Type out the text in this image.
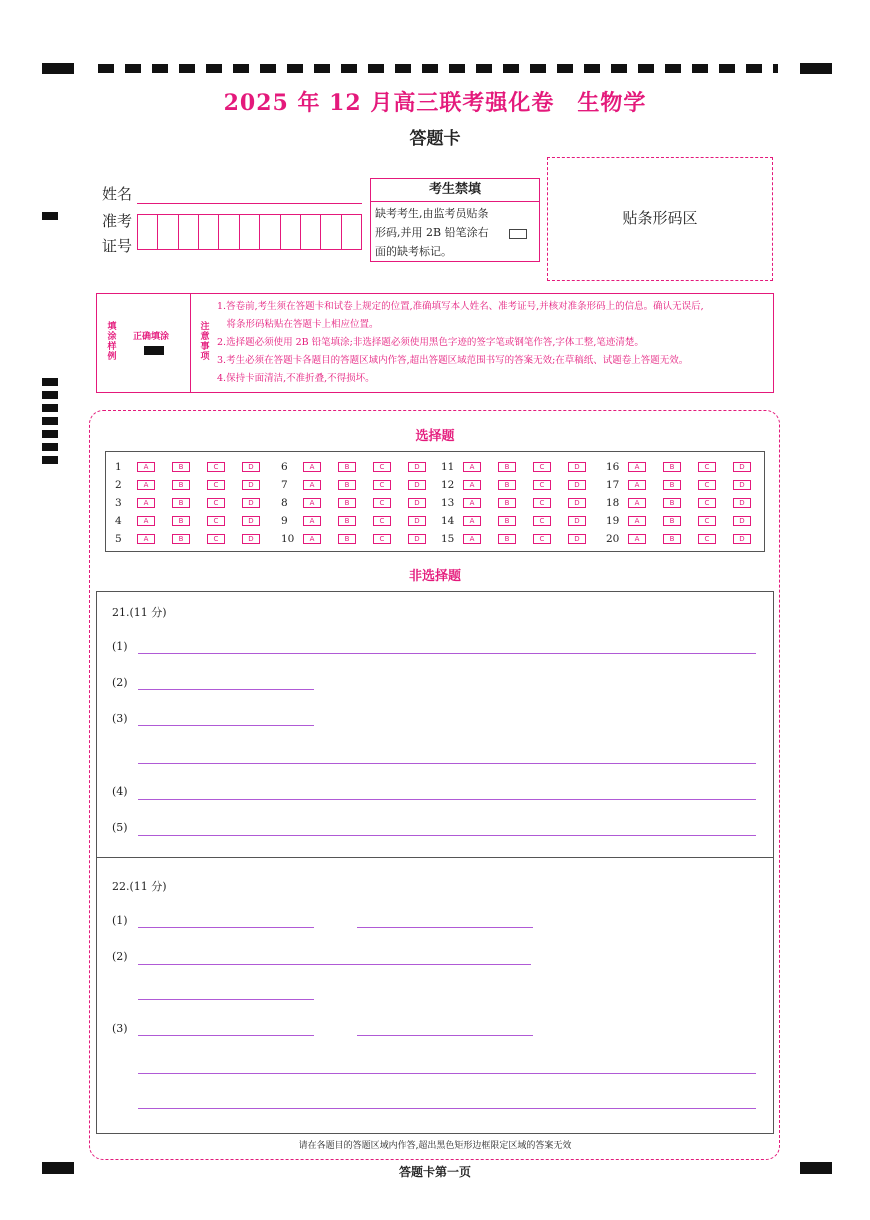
2025 年 12 月高三联考强化卷　生物学
答题卡
姓名
准考
证号
考生禁填
缺考考生,由监考员贴条形码,并用 2B 铅笔涂右面的缺考标记。
贴条形码区
填涂样例
正确填涂
注意事项
1.答卷前,考生须在答题卡和试卷上规定的位置,准确填写本人姓名、准考证号,并核对准条形码上的信息。确认无误后,
　将条形码粘贴在答题卡上相应位置。
2.选择题必须使用 2B 铅笔填涂;非选择题必须使用黑色字迹的签字笔或钢笔作答,字体工整,笔迹清楚。
3.考生必须在答题卡各题目的答题区域内作答,超出答题区域范围书写的答案无效;在草稿纸、试题卷上答题无效。
4.保持卡面清洁,不准折叠,不得损坏。
选择题
1	A	B	C	D
2	A	B	C	D
3	A	B	C	D
4	A	B	C	D
5	A	B	C	D
6	A	B	C	D
7	A	B	C	D
8	A	B	C	D
9	A	B	C	D
10	A	B	C	D
11	A	B	C	D
12	A	B	C	D
13	A	B	C	D
14	A	B	C	D
15	A	B	C	D
16	A	B	C	D
17	A	B	C	D
18	A	B	C	D
19	A	B	C	D
20	A	B	C	D
非选择题
21.(11 分)
(1)
(2)
(3)
(4)
(5)
22.(11 分)
(1)
(2)
(3)
请在各题目的答题区域内作答,超出黑色矩形边框限定区域的答案无效
答题卡第一页
